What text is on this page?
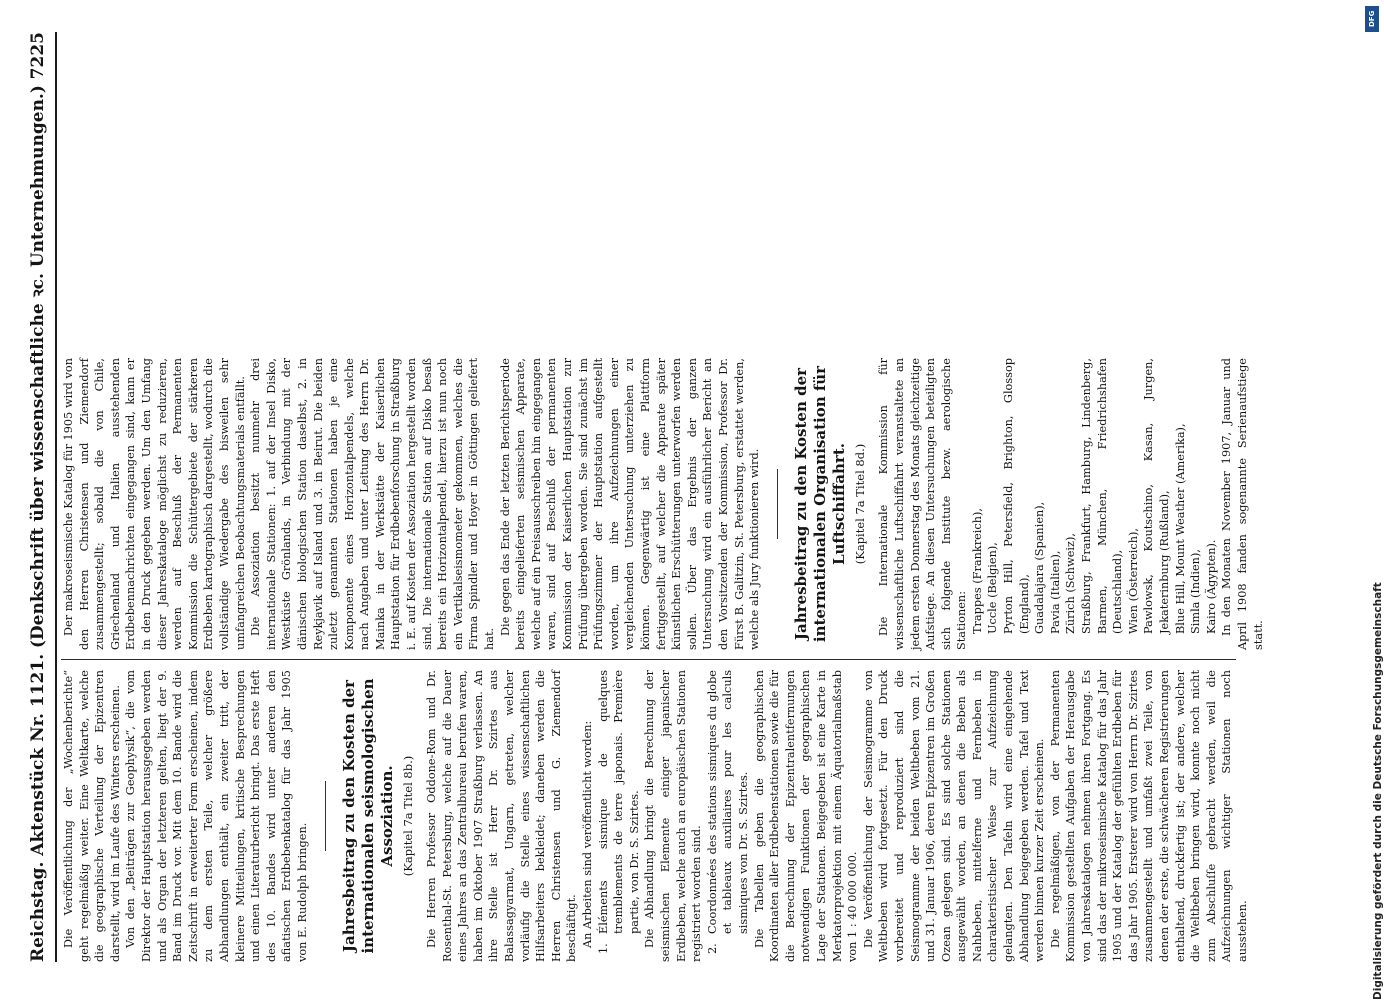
Reichstag. Aktenstück Nr. 1121.
(Denkschrift über wissenschaftliche ꝛc. Unternehmungen.)
7225

Die Veröffentlichung der „Wochenberichte“ geht regelmäßig weiter. Eine Weltkarte, welche die geographische Verteilung der Epizentren darstellt, wird im Laufe des Winters erscheinen. Von den „Beiträgen zur Geophysik“, die vom Direktor der Hauptstation herausgegeben werden und als Organ der letzteren gelten, liegt der 9. Band im Druck vor. Mit dem 10. Bande wird die Zeitschrift in erweiterter Form erscheinen, indem zu dem ersten Teile, welcher größere Abhandlungen enthält, ein zweiter tritt, der kleinere Mitteilungen, kritische Besprechungen und einen Literaturbericht bringt. Das erste Heft des 10. Bandes wird unter anderen den afiatischen Erdbebenkatalog für das Jahr 1905 von E. Rudolph bringen. Jahresbeitrag zu den Kosten der internationalen seismologischen Assoziation. (Kapitel 7a Titel 8b.) Die Herren Professor Oddone-Rom und Dr. Rosenthal-St. Petersburg, welche auf die Dauer eines Jahres an das Zentralbureau berufen waren, haben im Oktober 1907 Straßburg verlassen. An ihre Stelle ist Herr Dr. Szirtes aus Balassagyarmat, Ungarn, getreten, welcher vorläufig die Stelle eines wissenschaftlichen Hilfsarbeiters bekleidet; daneben werden die Herren Christensen und G. Ziemendorf beschäftigt. An Arbeiten sind veröffentlicht worden:

1.
Éléments sismique de quelques tremblements de terre japonais. Première partie, von Dr. S. Szirtes. Die Abhandlung bringt die Berechnung der seismischen Elemente einiger japanischer Erdbeben, welche auch an europäischen Stationen registriert worden sind. 2.
Coordonnées des stations sismiques du globe et tableaux auxiliaires pour les calculs sismiques von Dr. S. Szirtes. Die Tabellen geben die geographischen Koordinaten aller Erdbebenstationen sowie die für die Berechnung der Epizentralentfernungen notwendigen Funktionen der geographischen Lage der Stationen. Beigegeben ist eine Karte in Merkatorprojektion mit einem Äquatorialmaßstab von 1 : 40 000 000. Die Veröffentlichung der Seismogramme von Weltbeben wird fortgesetzt. Für den Druck vorbereitet und reproduziert sind die Seismogramme der beiden Weltbeben vom 21. und 31. Januar 1906, deren Epizentren im Großen Ozean gelegen sind. Es sind solche Stationen ausgewählt worden, an denen die Beben als Nahbeben, mittelferne und Fernbeben in charakteristischer Weise zur Aufzeichnung gelangten. Den Tafeln wird eine eingehende Abhandlung beigegeben werden. Tafel und Text werden binnen kurzer Zeit erscheinen. Die regelmäßigen, von der Permanenten Kommission gestellten Aufgaben der Herausgabe von Jahreskatalogen nehmen ihren Fortgang. Es sind das der mikroseismische Katalog für das Jahr 1905 und der Katalog der gefühlten Erdbeben für das Jahr 1905. Ersterer wird von Herrn Dr. Szirtes zusammengestellt und umfaßt zwei Teile, von denen der erste, die schwächeren Registrierungen enthaltend, druckfertig ist; der andere, welcher die Weltbeben bringen wird, konnte noch nicht zum Abschluſſe gebracht werden, weil die Aufzeichnungen wichtiger Stationen noch ausstehen.

Der makroseismische Katalog für 1905 wird von den Herren Christensen und Ziemendorf zusammengestellt; sobald die von Chile, Griechenland und Italien ausstehenden Erdbebennachrichten eingegangen sind, kann er in den Druck gegeben werden. Um den Umfang dieser Jahreskataloge möglichst zu reduzieren, werden auf Beschluß der Permanenten Kommission die Schüttergebiete der stärkeren Erdbeben kartographisch dargestellt, wodurch die vollständige Wiedergabe des bisweilen sehr umfangreichen Beobachtungsmaterials entfällt. Die Assoziation besitzt nunmehr drei internationale Stationen: 1. auf der Insel Disko, Westküste Grönlands, in Verbindung mit der dänischen biologischen Station daselbst, 2. in Reykjavik auf Island und 3. in Beirut. Die beiden zuletzt genannten Stationen haben je eine Komponente eines Horizontalpendels, welche nach Angaben und unter Leitung des Herrn Dr. Mainka in der Werkstätte der Kaiserlichen Hauptstation für Erdbebenforschung in Straßburg i. E. auf Kosten der Assoziation hergestellt worden sind. Die internationale Station auf Disko besaß bereits ein Horizontalpendel, hierzu ist nun noch ein Vertikalseismometer gekommen, welches die Firma Spindler und Hoyer in Göttingen geliefert hat.

Die gegen das Ende der letzten Berichtsperiode bereits eingelieferten seismischen Apparate, welche auf ein Preisausschreiben hin eingegangen waren, sind auf Beschluß der permanenten Kommission der Kaiserlichen Hauptstation zur Prüfung übergeben worden. Sie sind zunächst im Prüfungszimmer der Hauptstation aufgestellt worden, um ihre Aufzeichnungen einer vergleichenden Untersuchung unterziehen zu können. Gegenwärtig ist eine Plattform fertiggestellt, auf welcher die Apparate später künstlichen Erschütterungen unterworfen werden sollen. Über das Ergebnis der ganzen Untersuchung wird ein ausführlicher Bericht an den Vorsitzenden der Kommission, Professor Dr. Fürst B. Galitzin, St. Petersburg, erstattet werden, welche als Jury funktionieren wird. Jahresbeitrag zu den Kosten der internationalen Organisation für Luftschiffahrt. (Kapitel 7a Titel 8d.) Die Internationale Kommission für wissenschaftliche Luftschiffahrt veranstaltete an jedem ersten Donnerstag des Monats gleichzeitige Aufstiege. An diesen Untersuchungen beteiligten sich folgende Institute bezw. aerologische Stationen: Trappes (Frankreich), Uccle (Belgien), Pyrton Hill, Petersfield, Brighton, Glossop (England), Guadalajara (Spanien), Pavia (Italien), Zürich (Schweiz), Straßburg, Frankfurt, Hamburg, Lindenberg, Barmen, München, Friedrichshafen (Deutschland), Wien (Österreich), Pawlowsk, Koutschino, Kasan, Jurgen, Jekaterinburg (Rußland), Blue Hill, Mount Weather (Amerika), Simla (Indien), Kairo (Ägypten). In den Monaten November 1907, Januar und April 1908 fanden sogenannte Serienaufstiege statt.	Digitalisierung gefördert durch die Deutsche Forschungsgemeinschaft
DFG
